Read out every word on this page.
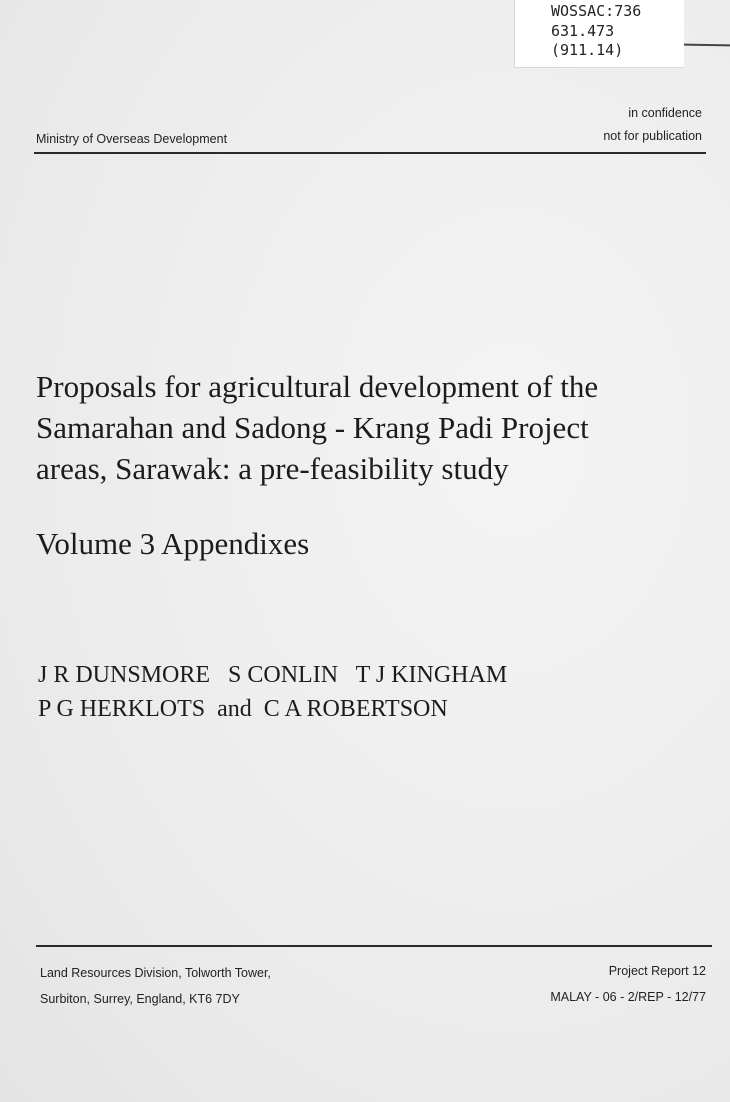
WOSSAC:736
631.473
(911.14)
in confidence
not for publication
Ministry of Overseas Development
Proposals for agricultural development of the
Samarahan and Sadong - Krang Padi Project
areas, Sarawak: a pre-feasibility study
Volume 3 Appendixes
J R DUNSMORE   S CONLIN   T J KINGHAM
P G HERKLOTS  and  C A ROBERTSON
Land Resources Division, Tolworth Tower,
Surbiton, Surrey, England, KT6 7DY
Project Report 12
MALAY - 06 - 2/REP - 12/77
